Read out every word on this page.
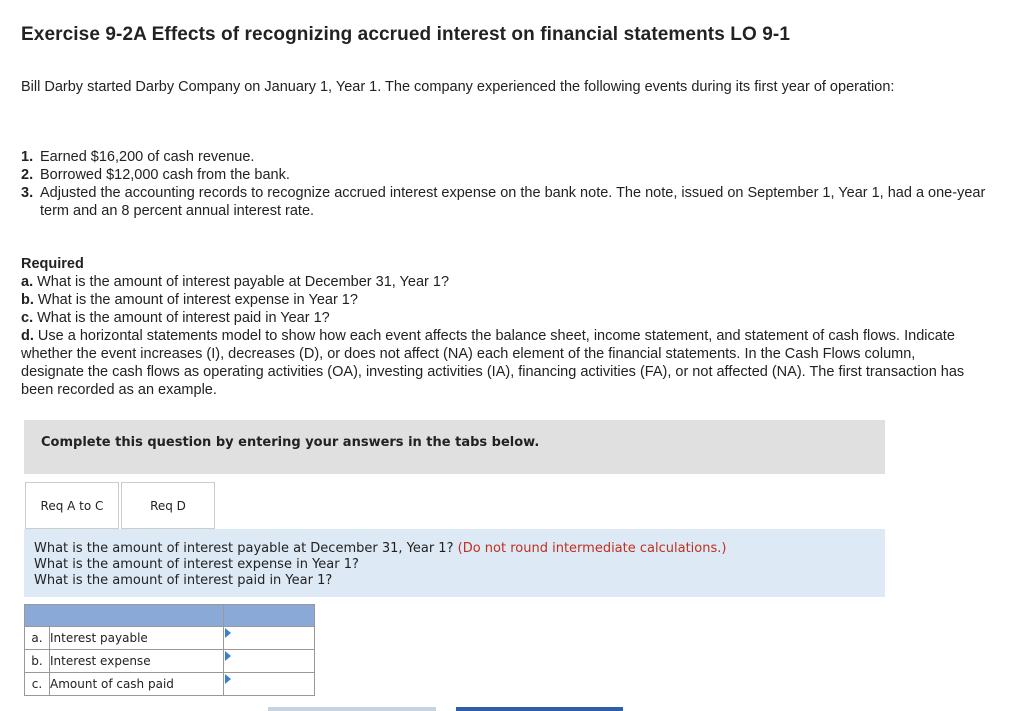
Exercise 9-2A Effects of recognizing accrued interest on financial statements LO 9-1
Bill Darby started Darby Company on January 1, Year 1. The company experienced the following events during its first year of operation:
1. Earned $16,200 of cash revenue.
2. Borrowed $12,000 cash from the bank.
3. Adjusted the accounting records to recognize accrued interest expense on the bank note. The note, issued on September 1, Year 1, had a one-year term and an 8 percent annual interest rate.
Required
a. What is the amount of interest payable at December 31, Year 1?
b. What is the amount of interest expense in Year 1?
c. What is the amount of interest paid in Year 1?
d. Use a horizontal statements model to show how each event affects the balance sheet, income statement, and statement of cash flows. Indicate whether the event increases (I), decreases (D), or does not affect (NA) each element of the financial statements. In the Cash Flows column, designate the cash flows as operating activities (OA), investing activities (IA), financing activities (FA), or not affected (NA). The first transaction has been recorded as an example.
Complete this question by entering your answers in the tabs below.
Req A to C	Req D
What is the amount of interest payable at December 31, Year 1? (Do not round intermediate calculations.)
What is the amount of interest expense in Year 1?
What is the amount of interest paid in Year 1?

a.	Interest payable	

b.	Interest expense	

c.	Amount of cash paid	
